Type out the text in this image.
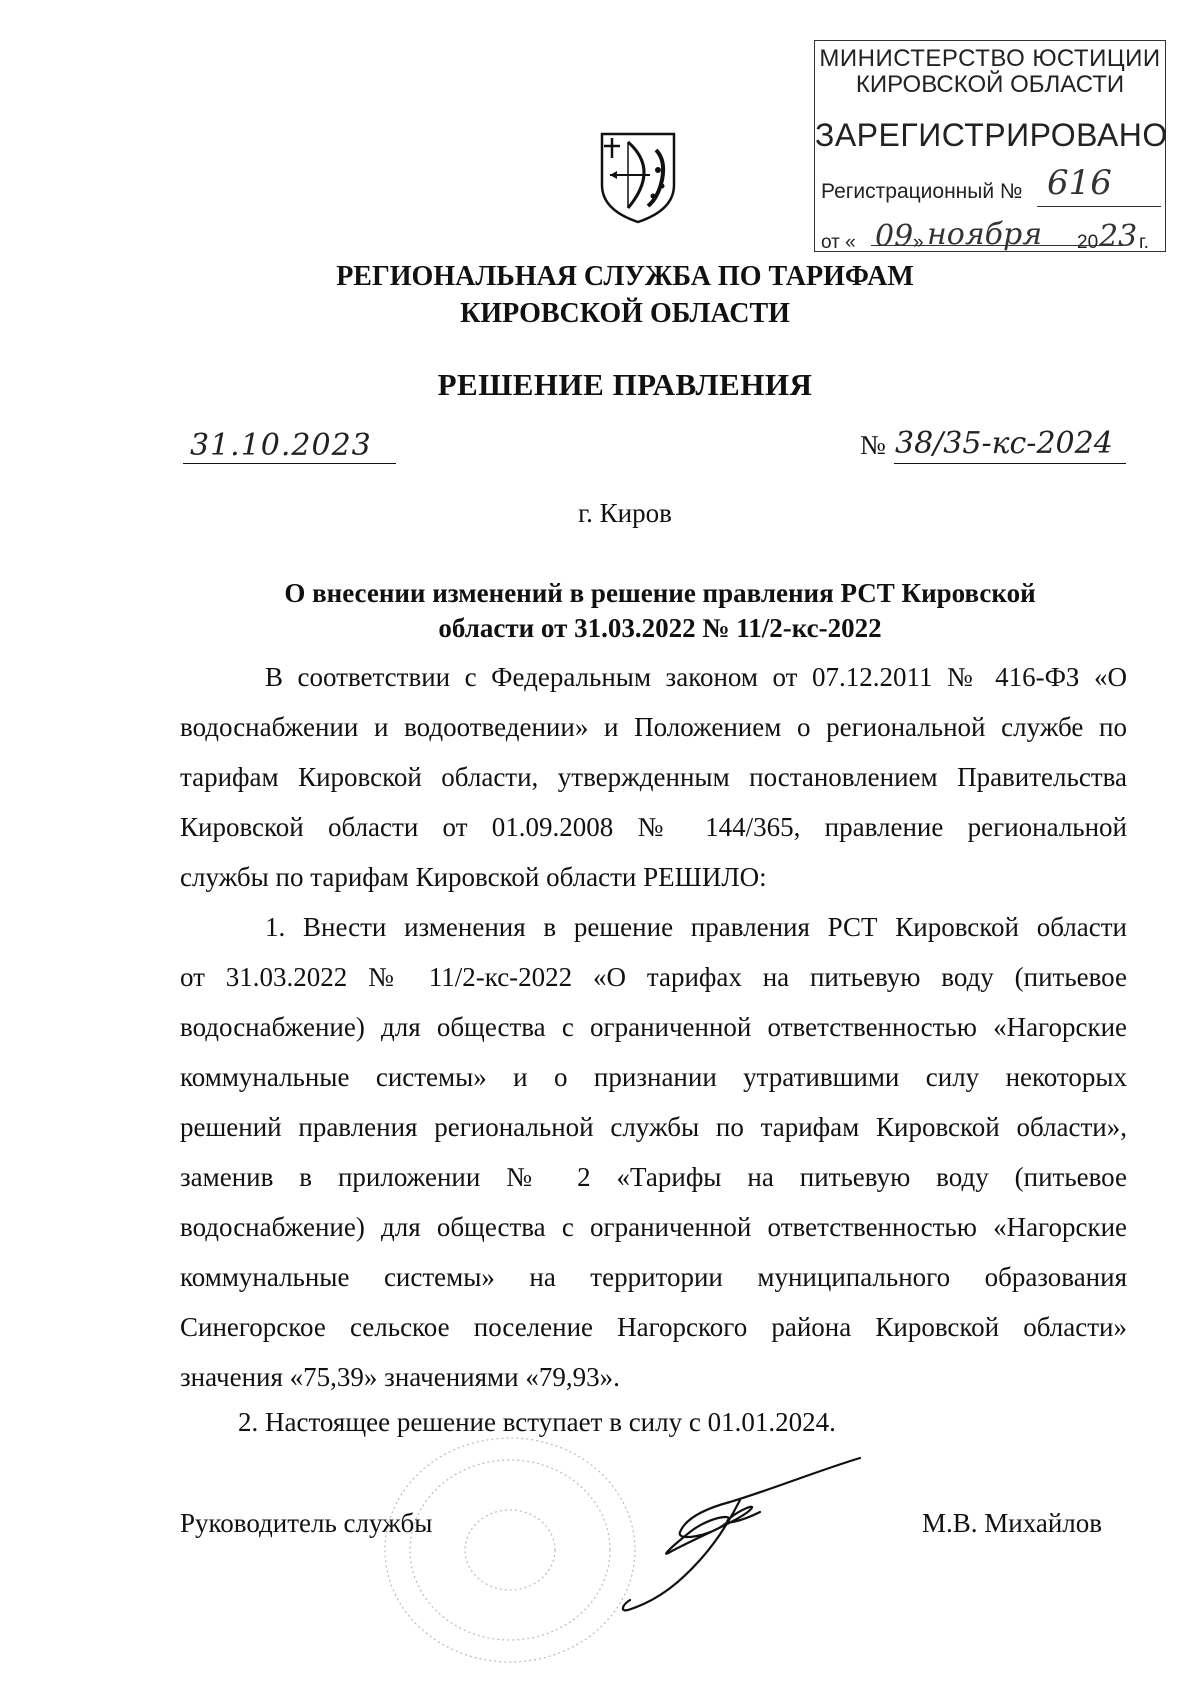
МИНИСТЕРСТВО ЮСТИЦИИ
КИРОВСКОЙ ОБЛАСТИ
ЗАРЕГИСТРИРОВАНО
Регистрационный № 616
от « 09 » ноября 20 23 г.
РЕГИОНАЛЬНАЯ СЛУЖБА ПО ТАРИФАМ
КИРОВСКОЙ ОБЛАСТИ
РЕШЕНИЕ ПРАВЛЕНИЯ
31.10.2023	№ 38/35-кс-2024
г. Киров
О внесении изменений в решение правления РСТ Кировской
области от 31.03.2022 № 11/2-кс-2022
В соответствии с Федеральным законом от 07.12.2011 № 416-ФЗ «О
водоснабжении и водоотведении» и Положением о региональной службе по
тарифам Кировской области, утвержденным постановлением Правительства
Кировской области от 01.09.2008 № 144/365, правление региональной
службы по тарифам Кировской области РЕШИЛО:
1. Внести изменения в решение правления РСТ Кировской области
от 31.03.2022 № 11/2-кс-2022 «О тарифах на питьевую воду (питьевое
водоснабжение) для общества с ограниченной ответственностью «Нагорские
коммунальные системы» и о признании утратившими силу некоторых
решений правления региональной службы по тарифам Кировской области»,
заменив в приложении № 2 «Тарифы на питьевую воду (питьевое
водоснабжение) для общества с ограниченной ответственностью «Нагорские
коммунальные системы» на территории муниципального образования
Синегорское сельское поселение Нагорского района Кировской области»
значения «75,39» значениями «79,93».
2. Настоящее решение вступает в силу с 01.01.2024.
Руководитель службы	М.В. Михайлов
